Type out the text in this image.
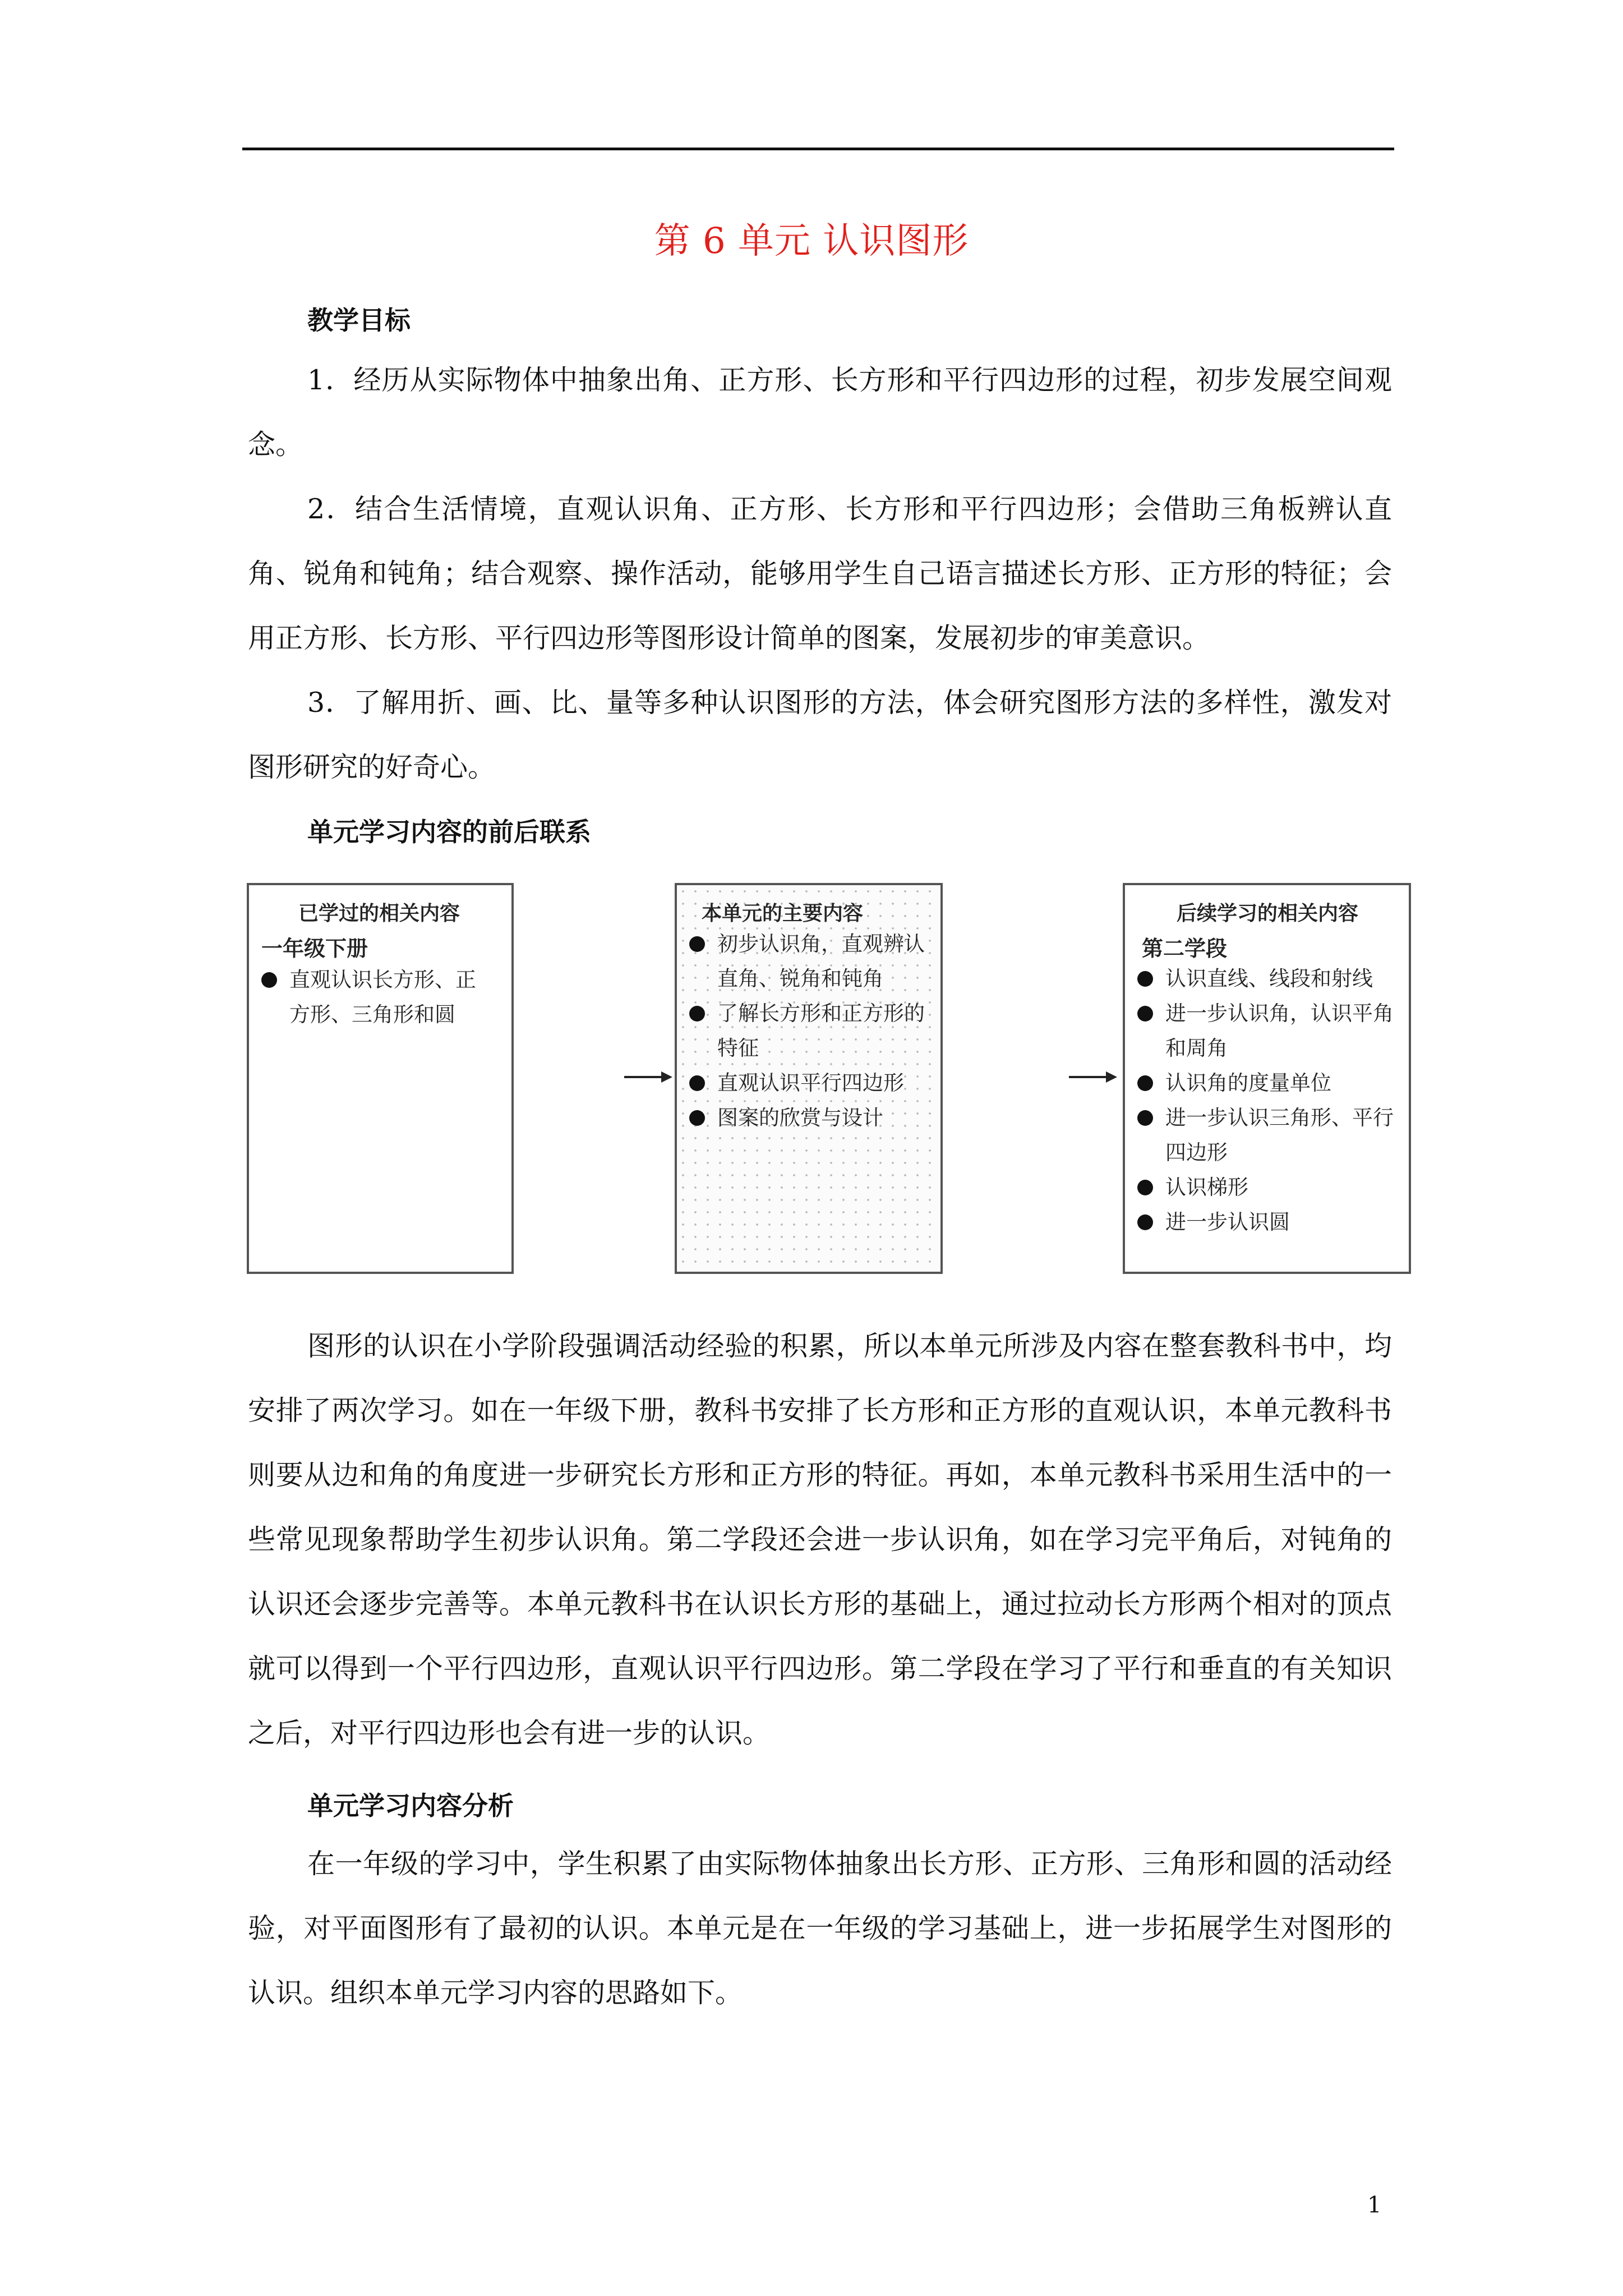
第 6 单元 认识图形
教学目标

1．经历从实际物体中抽象出角、正方形、长方形和平行四边形的过程，初步发展空间观念。

2．结合生活情境，直观认识角、正方形、长方形和平行四边形；会借助三角板辨认直角、锐角和钝角；结合观察、操作活动，能够用学生自己语言描述长方形、正方形的特征；会用正方形、长方形、平行四边形等图形设计简单的图案，发展初步的审美意识。

3．了解用折、画、比、量等多种认识图形的方法，体会研究图形方法的多样性，激发对图形研究的好奇心。

单元学习内容的前后联系
已学过的相关内容
一年级下册
直观认识长方形、正方形、三角形和圆
本单元的主要内容
初步认识角，直观辨认直角、锐角和钝角
了解长方形和正方形的特征
直观认识平行四边形
图案的欣赏与设计
后续学习的相关内容
第二学段
认识直线、线段和射线
进一步认识角，认识平角和周角
认识角的度量单位
进一步认识三角形、平行四边形
认识梯形
进一步认识圆

图形的认识在小学阶段强调活动经验的积累，所以本单元所涉及内容在整套教科书中，均安排了两次学习。如在一年级下册，教科书安排了长方形和正方形的直观认识，本单元教科书则要从边和角的角度进一步研究长方形和正方形的特征。再如，本单元教科书采用生活中的一些常见现象帮助学生初步认识角。第二学段还会进一步认识角，如在学习完平角后，对钝角的认识还会逐步完善等。本单元教科书在认识长方形的基础上，通过拉动长方形两个相对的顶点就可以得到一个平行四边形，直观认识平行四边形。第二学段在学习了平行和垂直的有关知识之后，对平行四边形也会有进一步的认识。

单元学习内容分析

在一年级的学习中，学生积累了由实际物体抽象出长方形、正方形、三角形和圆的活动经验，对平面图形有了最初的认识。本单元是在一年级的学习基础上，进一步拓展学生对图形的认识。组织本单元学习内容的思路如下。

1
